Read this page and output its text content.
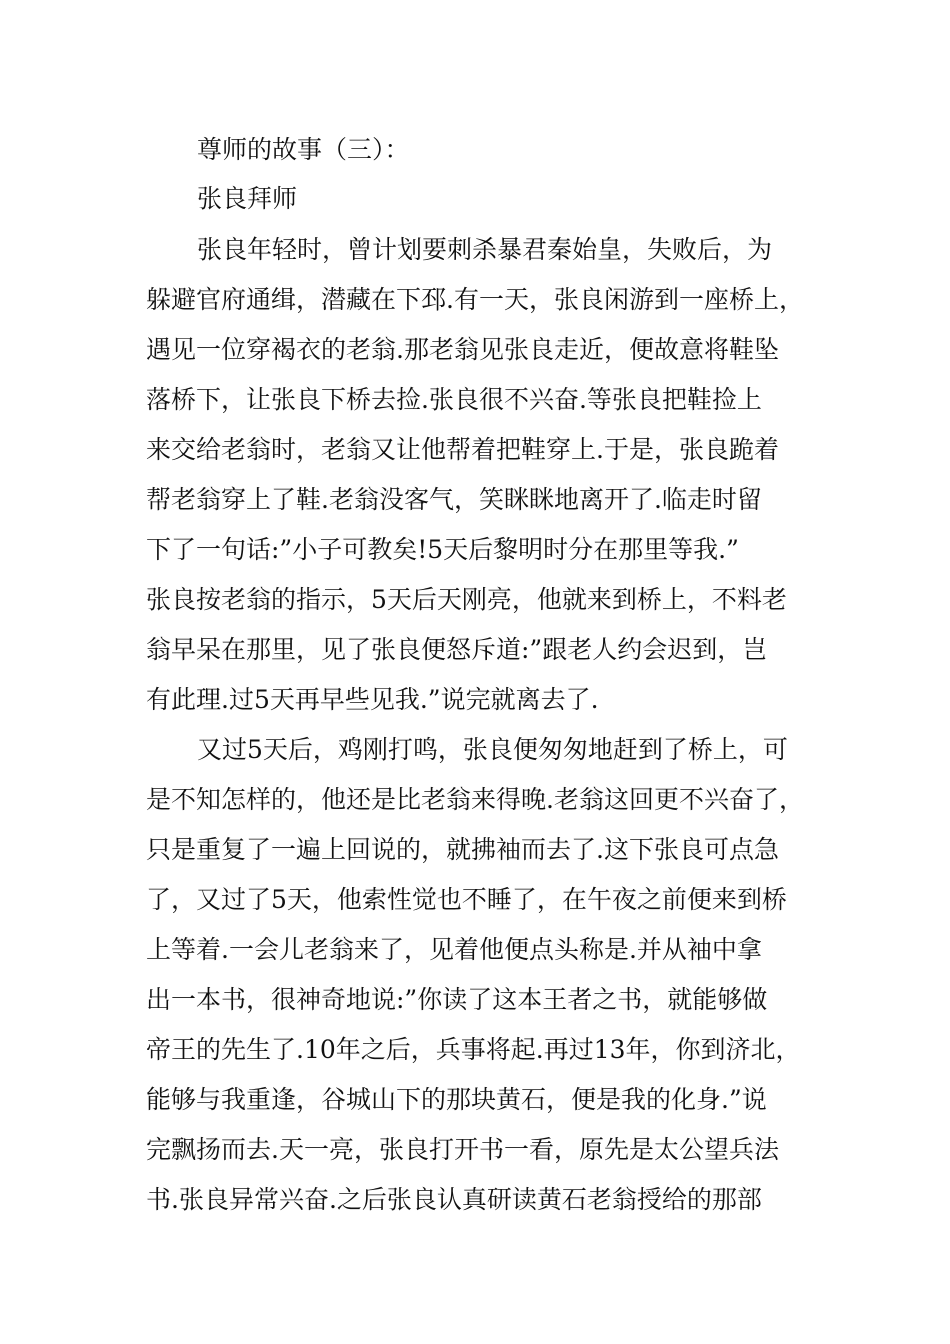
尊师的故事（三）：
张良拜师
张良年轻时，曾计划要刺杀暴君秦始皇，失败后，为
躲避官府通缉，潜藏在下邳.有一天，张良闲游到一座桥上，
遇见一位穿褐衣的老翁.那老翁见张良走近，便故意将鞋坠
落桥下，让张良下桥去捡.张良很不兴奋.等张良把鞋捡上
来交给老翁时，老翁又让他帮着把鞋穿上.于是，张良跪着
帮老翁穿上了鞋.老翁没客气，笑眯眯地离开了.临走时留
下了一句话:”小子可教矣!5天后黎明时分在那里等我.”
张良按老翁的指示，5天后天刚亮，他就来到桥上，不料老
翁早呆在那里，见了张良便怒斥道:”跟老人约会迟到，岂
有此理.过5天再早些见我.”说完就离去了.
又过5天后，鸡刚打鸣，张良便匆匆地赶到了桥上，可
是不知怎样的，他还是比老翁来得晚.老翁这回更不兴奋了，
只是重复了一遍上回说的，就拂袖而去了.这下张良可点急
了，又过了5天，他索性觉也不睡了，在午夜之前便来到桥
上等着.一会儿老翁来了，见着他便点头称是.并从袖中拿
出一本书，很神奇地说:”你读了这本王者之书，就能够做
帝王的先生了.10年之后，兵事将起.再过13年，你到济北，
能够与我重逢，谷城山下的那块黄石，便是我的化身.”说
完飘扬而去.天一亮，张良打开书一看，原先是太公望兵法
书.张良异常兴奋.之后张良认真研读黄石老翁授给的那部
